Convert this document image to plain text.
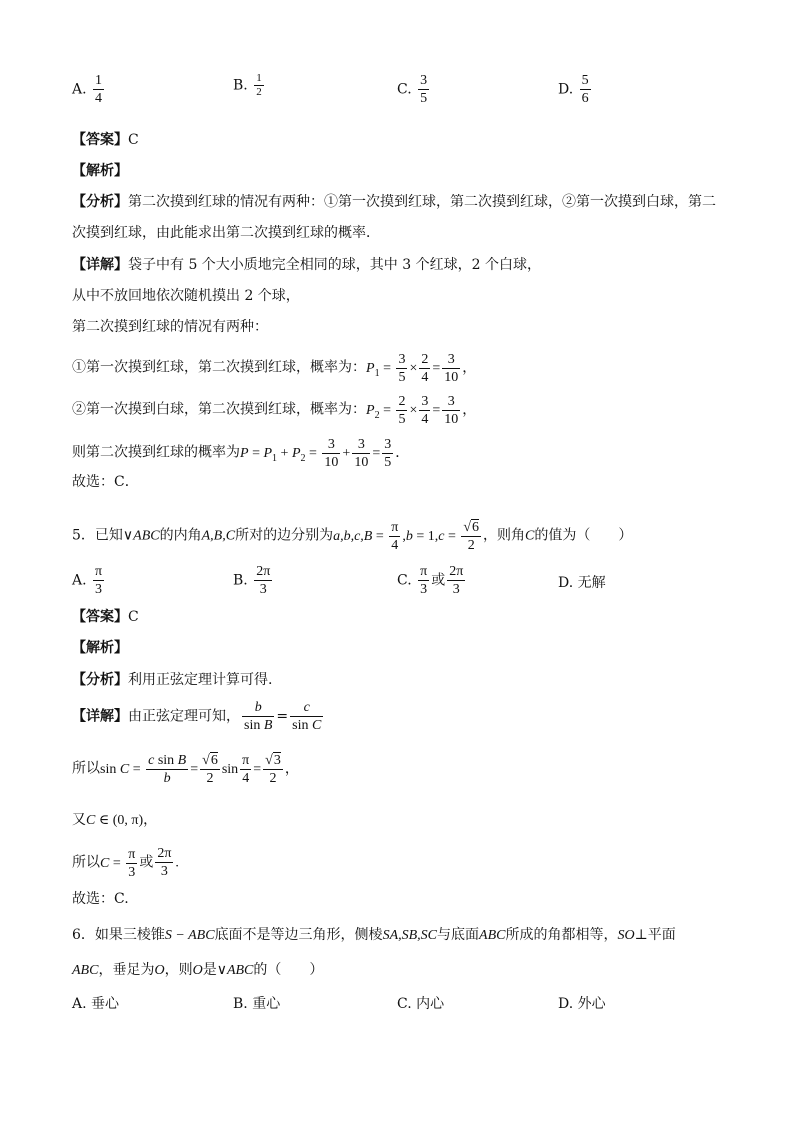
A. $\frac{1}{4}$	B. $\frac{1}{2}$	C. $\frac{3}{5}$	D. $\frac{5}{6}$
【答案】C
【解析】
【分析】第二次摸到红球的情况有两种：①第一次摸到红球，第二次摸到红球，②第一次摸到白球，第二
次摸到红球，由此能求出第二次摸到红球的概率．
【详解】袋子中有 5 个大小质地完全相同的球，其中 3 个红球，2 个白球，
从中不放回地依次随机摸出 2 个球，
第二次摸到红球的情况有两种：
①第一次摸到红球，第二次摸到红球，概率为：$P_1 = \frac{3}{5} \times \frac{2}{4} = \frac{3}{10}$ ，
②第一次摸到白球，第二次摸到红球，概率为：$P_2 = \frac{2}{5} \times \frac{3}{4} = \frac{3}{10}$ ，
则第二次摸到红球的概率为$P = P_1 + P_2 = \frac{3}{10} + \frac{3}{10} = \frac{3}{5}$ ．
故选：C．
5．已知∨ABC的内角A,B,C所对的边分别为$a,b,c,B = \frac{\pi}{4} ,b = 1,c = \frac{√6}{2}$ ，则角C的值为（　　）
A. $\frac{\pi}{3}$	B. $\frac{2\pi}{3}$	C. $\frac{\pi}{3}$ 或 $\frac{2\pi}{3}$	D. 无解
【答案】C
【解析】
【分析】利用正弦定理计算可得.
【详解】由正弦定理可知， $\frac{b}{\text{sin B}} = \frac{c}{\text{sin C}}$
所以$\sin C = \frac{\text{c sin B}}{b} = \frac{√6}{2}$ $\sin \frac{\pi}{4} = \frac{√3}{2}$ ，
又C ∈ (0, π)，
所以$C = \frac{\pi}{3}$ 或 $\frac{2\pi}{3}$ .
故选：C.
6．如果三棱锥S − ABC底面不是等边三角形，侧棱SA,SB,SC与底面ABC所成的角都相等，SO⊥平面
ABC，垂足为O，则O是∨ABC的（　　）
A. 垂心	B. 重心	C. 内心	D. 外心
